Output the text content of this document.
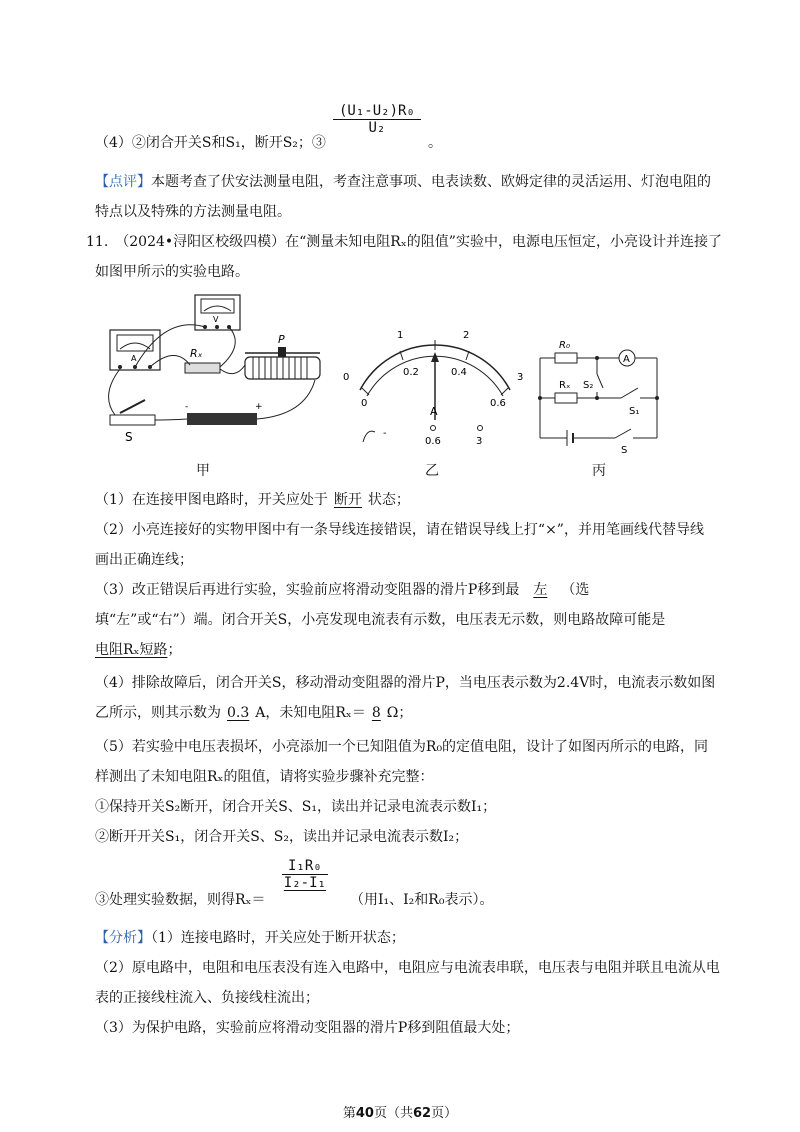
（4）②闭合开关S和S₁，断开S₂；③
$\frac{\text{(U₁-U₂)R₀}}{\text{U₂}}$
。
【点评】本题考查了伏安法测量电阻，考查注意事项、电表读数、欧姆定律的灵活运用、灯泡电阻的
特点以及特殊的方法测量电阻。
11.　（2024•浔阳区校级四模）在“测量未知电阻Rₓ的阻值”实验中，电源电压恒定，小亮设计并连接了
如图甲所示的实验电路。
A
V
Rₓ
P
S
-	+
甲
0
1	2
3
0
0.2	0.4
0.6
A
-
0.6	3
乙
R₀
A
Rₓ S₂
S₁
S
丙
（1）在连接甲图电路时，开关应处于 断开 状态；
（2）小亮连接好的实物甲图中有一条导线连接错误，请在错误导线上打“×”，并用笔画线代替导线
画出正确连线；
（3）改正错误后再进行实验，实验前应将滑动变阻器的滑片P移到最 左 （选
填“左”或“右”）端。闭合开关S，小亮发现电流表有示数，电压表无示数，则电路故障可能是
电阻Rₓ短路；
（4）排除故障后，闭合开关S，移动滑动变阻器的滑片P，当电压表示数为2.4V时，电流表示数如图
乙所示，则其示数为 0.3 A，未知电阻Rₓ＝ 8 Ω；
（5）若实验中电压表损坏，小亮添加一个已知阻值为R₀的定值电阻，设计了如图丙所示的电路，同
样测出了未知电阻Rₓ的阻值，请将实验步骤补充完整：
①保持开关S₂断开，闭合开关S、S₁，读出并记录电流表示数I₁；
②断开开关S₁，闭合开关S、S₂，读出并记录电流表示数I₂；
③处理实验数据，则得Rₓ＝
$\frac{\text{I₁R₀}}{\text{I₂-I₁}}$
（用I₁、I₂和R₀表示）。
【分析】（1）连接电路时，开关应处于断开状态；
（2）原电路中，电阻和电压表没有连入电路中，电阻应与电流表串联，电压表与电阻并联且电流从电
表的正接线柱流入、负接线柱流出；
（3）为保护电路，实验前应将滑动变阻器的滑片P移到阻值最大处；
第40页（共62页）
